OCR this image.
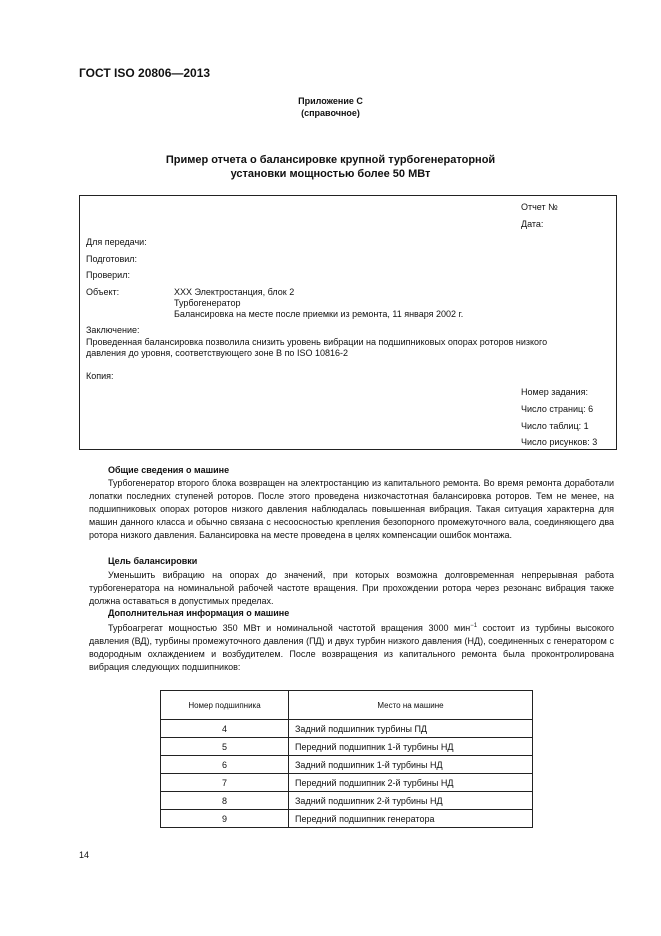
ГОСТ ISO 20806—2013
Приложение С
(справочное)
Пример отчета о балансировке крупной турбогенераторной
установки мощностью более 50 МВт
Отчет №
Дата:
Для передачи:
Подготовил:
Проверил:
Объект:	ХХХ Электростанция, блок 2
Турбогенератор
Балансировка на месте после приемки из ремонта, 11 января 2002 г.
Заключение:
Проведенная балансировка позволила снизить уровень вибрации на подшипниковых опорах роторов низкого
давления до уровня, соответствующего зоне В по ISO 10816-2
Копия:
Номер задания:
Число страниц: 6
Число таблиц: 1
Число рисунков: 3
Общие сведения о машине

Турбогенератор второго блока возвращен на электростанцию из капитального ремонта. Во время ремонта доработали лопатки последних ступеней роторов. После этого проведена низкочастотная балансировка роторов. Тем не менее, на подшипниковых опорах роторов низкого давления наблюдалась повышенная вибрация. Такая ситуация характерна для машин данного класса и обычно связана с несоосностью крепления безопорного промежуточного вала, соединяющего два ротора низкого давления. Балансировка на месте проведена в целях компенсации ошибок монтажа.

Цель балансировки

Уменьшить вибрацию на опорах до значений, при которых возможна долговременная непрерывная работа турбогенератора на номинальной рабочей частоте вращения. При прохождении ротора через резонанс вибрация также должна оставаться в допустимых пределах.

Дополнительная информация о машине

Турбоагрегат мощностью 350 МВт и номинальной частотой вращения 3000 мин$^{-1}$ состоит из турбины высокого давления (ВД), турбины промежуточного давления (ПД) и двух турбин низкого давления (НД), соединенных с генератором с водородным охлаждением и возбудителем. После возвращения из капитального ремонта была проконтролирована вибрация следующих подшипников:

Номер подшипника	Место на машине
4	Задний подшипник турбины ПД
5	Передний подшипник 1-й турбины НД
6	Задний подшипник 1-й турбины НД
7	Передний подшипник 2-й турбины НД
8	Задний подшипник 2-й турбины НД
9	Передний подшипник генератора
14
